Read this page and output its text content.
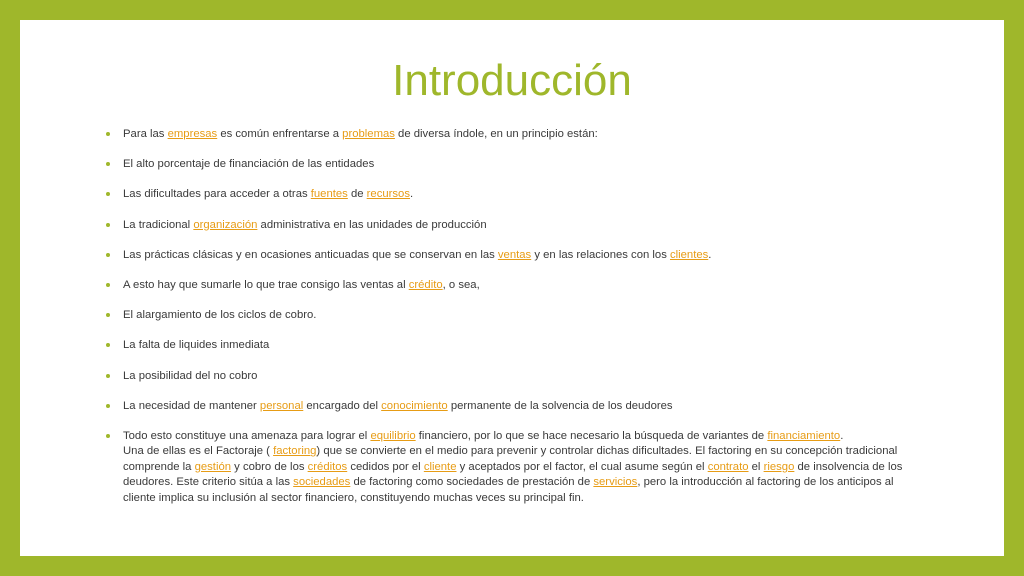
Introducción
Para las empresas es común enfrentarse a problemas de diversa índole, en un principio están:
El alto porcentaje de financiación de las entidades
Las dificultades para acceder a otras fuentes de recursos.
La tradicional organización administrativa en las unidades de producción
Las prácticas clásicas y en ocasiones anticuadas que se conservan en las ventas y en las relaciones con los clientes.
A esto hay que sumarle lo que trae consigo las ventas al crédito, o sea,
El alargamiento de los ciclos de cobro.
La falta de liquides inmediata
La posibilidad del no cobro
La necesidad de mantener personal encargado del conocimiento permanente de la solvencia de los deudores
Todo esto constituye una amenaza para lograr el equilibrio financiero, por lo que se hace necesario la búsqueda de variantes de financiamiento.
Una de ellas es el Factoraje ( factoring) que se convierte en el medio para prevenir y controlar dichas dificultades. El factoring en su concepción tradicional comprende la gestión y cobro de los créditos cedidos por el cliente y aceptados por el factor, el cual asume según el contrato el riesgo de insolvencia de los deudores. Este criterio sitúa a las sociedades de factoring como sociedades de prestación de servicios, pero la introducción al factoring de los anticipos al cliente implica su inclusión al sector financiero, constituyendo muchas veces su principal fin.
